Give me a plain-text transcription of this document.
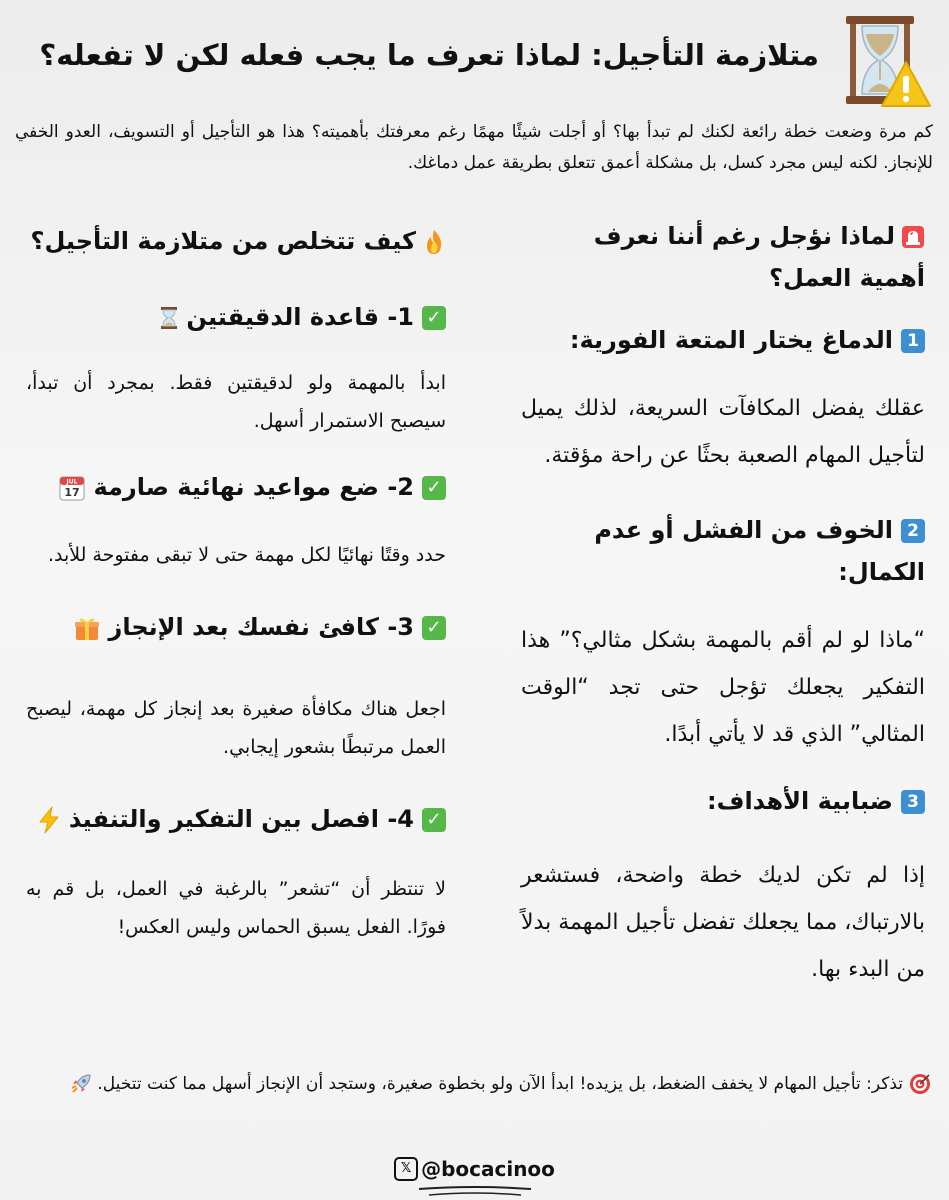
متلازمة التأجيل: لماذا تعرف ما يجب فعله لكن لا تفعله؟

كم مرة وضعت خطة رائعة لكنك لم تبدأ بها؟ أو أجلت شيئًا مهمًا رغم معرفتك بأهميته؟ هذا هو التأجيل أو التسويف، العدو الخفي للإنجاز. لكنه ليس مجرد كسل، بل مشكلة أعمق تتعلق بطريقة عمل دماغك.

لماذا نؤجل رغم أننا نعرف أهمية العمل؟
1الدماغ يختار المتعة الفورية:

عقلك يفضل المكافآت السريعة، لذلك يميل لتأجيل المهام الصعبة بحثًا عن راحة مؤقتة.

2الخوف من الفشل أو عدم الكمال:

“ماذا لو لم أقم بالمهمة بشكل مثالي؟” هذا التفكير يجعلك تؤجل حتى تجد “الوقت المثالي” الذي قد لا يأتي أبدًا.

3ضبابية الأهداف:

إذا لم تكن لديك خطة واضحة، فستشعر بالارتباك، مما يجعلك تفضل تأجيل المهمة بدلاً من البدء بها.

كيف تتخلص من متلازمة التأجيل؟
✓1- قاعدة الدقيقتين

ابدأ بالمهمة ولو لدقيقتين فقط. بمجرد أن تبدأ، سيصبح الاستمرار أسهل.

✓2- ضع مواعيد نهائية صارمة
JUL
17

حدد وقتًا نهائيًا لكل مهمة حتى لا تبقى مفتوحة للأبد.

✓3- كافئ نفسك بعد الإنجاز

اجعل هناك مكافأة صغيرة بعد إنجاز كل مهمة، ليصبح العمل مرتبطًا بشعور إيجابي.

✓4- افصل بين التفكير والتنفيذ

لا تنتظر أن “تشعر” بالرغبة في العمل، بل قم به فورًا. الفعل يسبق الحماس وليس العكس!

تذكر: تأجيل المهام لا يخفف الضغط، بل يزيده! ابدأ الآن ولو بخطوة صغيرة، وستجد أن الإنجاز أسهل مما كنت تتخيل.

𝕏 @bocacinoo
